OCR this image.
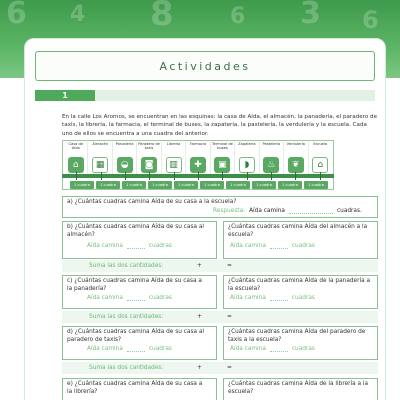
6 4 8	6 3 6
Actividades
1

En la calle Los Aromos, se encuentran en las esquinas: la casa de Aída, el almacén, la panadería, el paradero de taxis, la librería, la farmacia, el terminal de buses, la zapatería, la pastelería, la verdulería y la escuela. Cada uno de ellos se encuentra a una cuadra del anterior.

Casa de Aída
⌂
Almacén
▦
Panadería
◒
Paradero de taxis
◙
Librería
▥
Farmacia
✚
Terminal de buses
▣
Zapatería
◗
Pastelería
♨
Verdulería
❦
Escuela
⌂
1 cuadra	1 cuadra	1 cuadra	1 cuadra	1 cuadra	1 cuadra	1 cuadra	1 cuadra	1 cuadra	1 cuadra
a) ¿Cuántas cuadras camina Aída de su casa a la escuela?
Respuesta: Aída camina	cuadras.
b) ¿Cuántas cuadras camina Aída de su casa al almacén?
Aída camina	cuadras
¿Cuántas cuadras camina Aída del almacén a la escuela?
Aída camina	cuadras
Suma las dos cantidades:	+	=
c) ¿Cuántas cuadras camina Aída de su casa a la panadería?
Aída camina	cuadras
¿Cuántas cuadras camina Aída de la panadería a la escuela?
Aída camina	cuadras
Suma las dos cantidades:	+	=
d) ¿Cuántas cuadras camina Aída de su casa al paradero de taxis?
Aída camina	cuadras
¿Cuántas cuadras camina Aída del paradero de taxis a la escuela?
Aída camina	cuadras
Suma las dos cantidades:	+	=
e) ¿Cuántas cuadras camina Aída de su casa a la librería?
¿Cuántas cuadras camina Aída de la librería a la escuela?
